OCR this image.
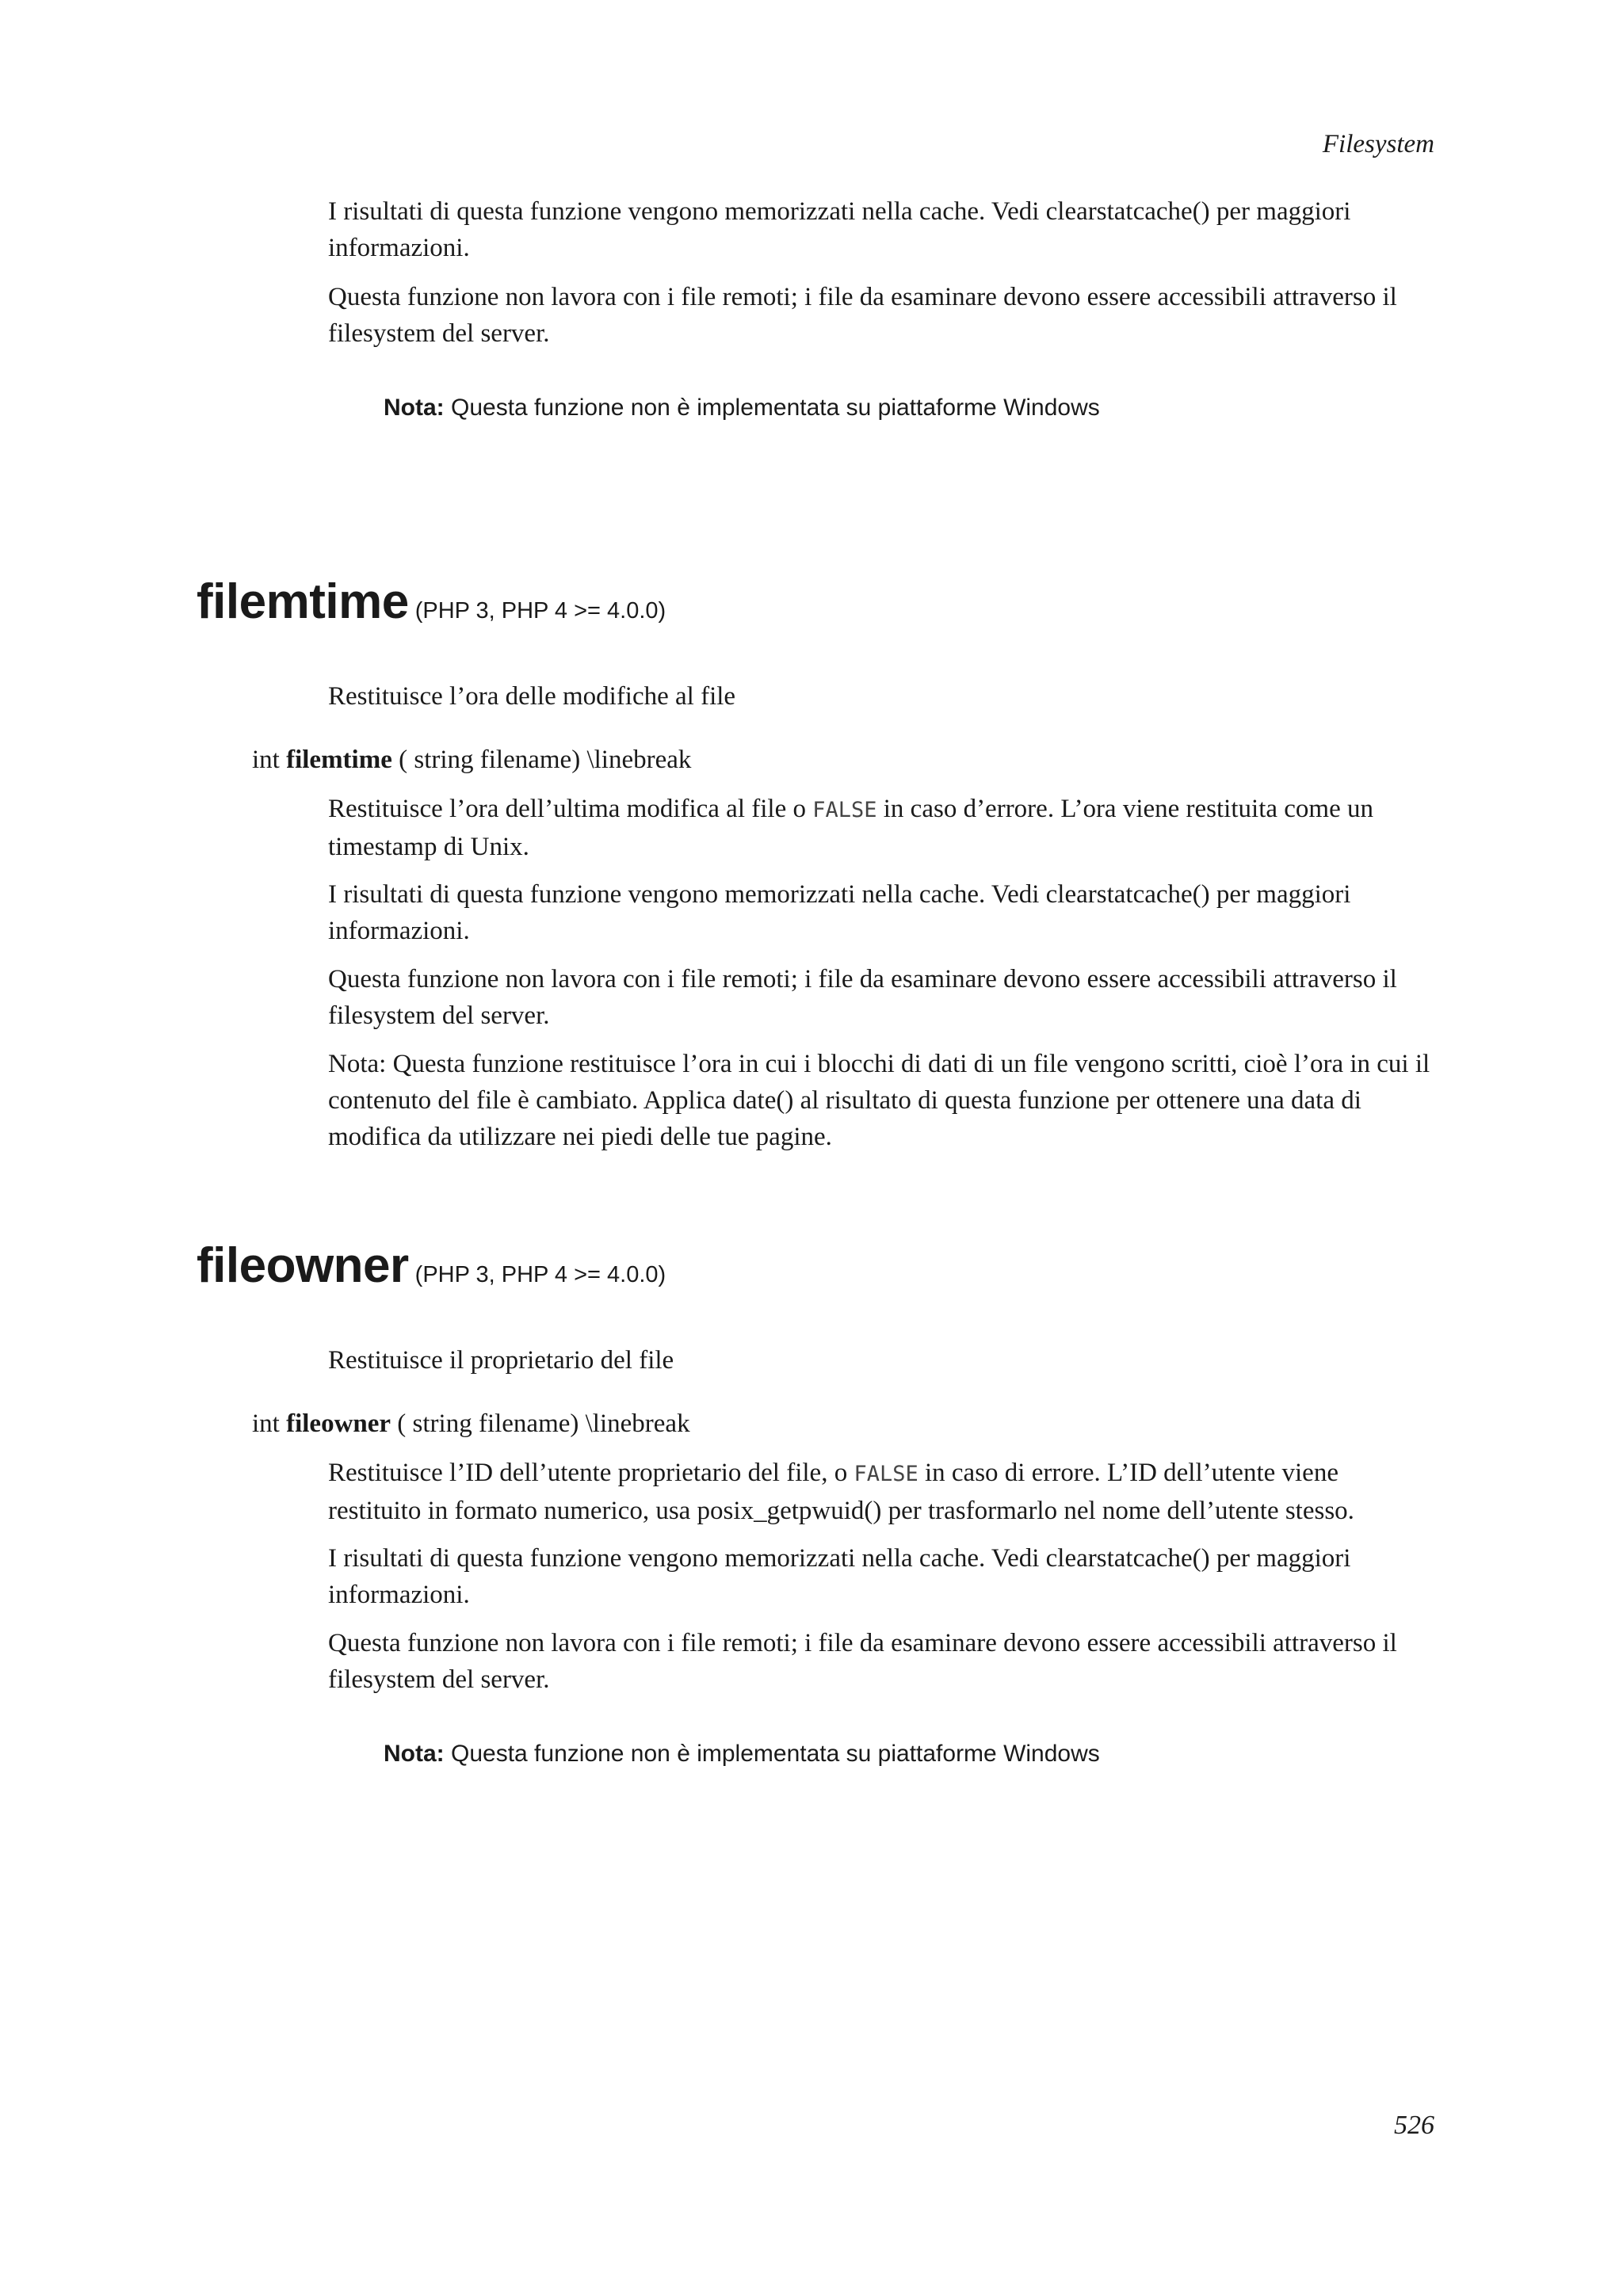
Filesystem

I risultati di questa funzione vengono memorizzati nella cache. Vedi clearstatcache() per maggiori informazioni.

Questa funzione non lavora con i file remoti; i file da esaminare devono essere accessibili attraverso il filesystem del server.

Nota: Questa funzione non è implementata su piattaforme Windows

filemtime (PHP 3, PHP 4 >= 4.0.0)

Restituisce l’ora delle modifiche al file

int filemtime ( string filename) \linebreak

Restituisce l’ora dell’ultima modifica al file o FALSE in caso d’errore. L’ora viene restituita come un timestamp di Unix.

I risultati di questa funzione vengono memorizzati nella cache. Vedi clearstatcache() per maggiori informazioni.

Questa funzione non lavora con i file remoti; i file da esaminare devono essere accessibili attraverso il filesystem del server.

Nota: Questa funzione restituisce l’ora in cui i blocchi di dati di un file vengono scritti, cioè l’ora in cui il contenuto del file è cambiato. Applica date() al risultato di questa funzione per ottenere una data di modifica da utilizzare nei piedi delle tue pagine.

fileowner (PHP 3, PHP 4 >= 4.0.0)

Restituisce il proprietario del file

int fileowner ( string filename) \linebreak

Restituisce l’ID dell’utente proprietario del file, o FALSE in caso di errore. L’ID dell’utente viene restituito in formato numerico, usa posix_getpwuid() per trasformarlo nel nome dell’utente stesso.

I risultati di questa funzione vengono memorizzati nella cache. Vedi clearstatcache() per maggiori informazioni.

Questa funzione non lavora con i file remoti; i file da esaminare devono essere accessibili attraverso il filesystem del server.

Nota: Questa funzione non è implementata su piattaforme Windows

526
